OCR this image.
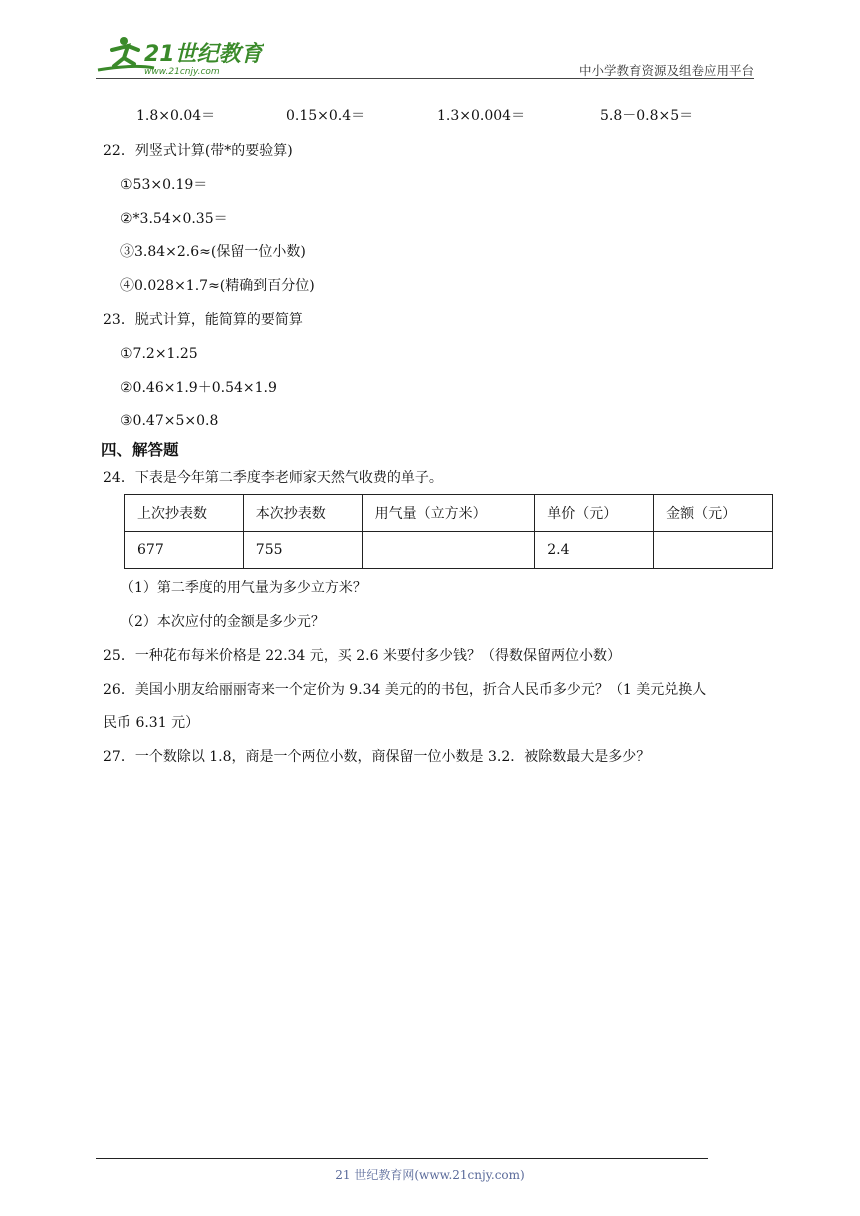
21世纪教育
www.21cnjy.com	中小学教育资源及组卷应用平台
1.8×0.04＝	0.15×0.4＝	1.3×0.004＝	5.8－0.8×5＝
22．列竖式计算(带*的要验算)
①53×0.19＝
②*3.54×0.35＝
③3.84×2.6≈(保留一位小数)
④0.028×1.7≈(精确到百分位)
23．脱式计算，能简算的要简算
①7.2×1.25
②0.46×1.9＋0.54×1.9
③0.47×5×0.8
四、解答题
24．下表是今年第二季度李老师家天然气收费的单子。
上次抄表数	本次抄表数	用气量（立方米）	单价（元）	金额（元）
677	755		2.4	
（1）第二季度的用气量为多少立方米？
（2）本次应付的金额是多少元？
25．一种花布每米价格是 22.34 元，买 2.6 米要付多少钱？（得数保留两位小数）
26．美国小朋友给丽丽寄来一个定价为 9.34 美元的的书包，折合人民币多少元？（1 美元兑换人
民币 6.31 元）
27．一个数除以 1.8，商是一个两位小数，商保留一位小数是 3.2．被除数最大是多少？
21 世纪教育网(www.21cnjy.com)
